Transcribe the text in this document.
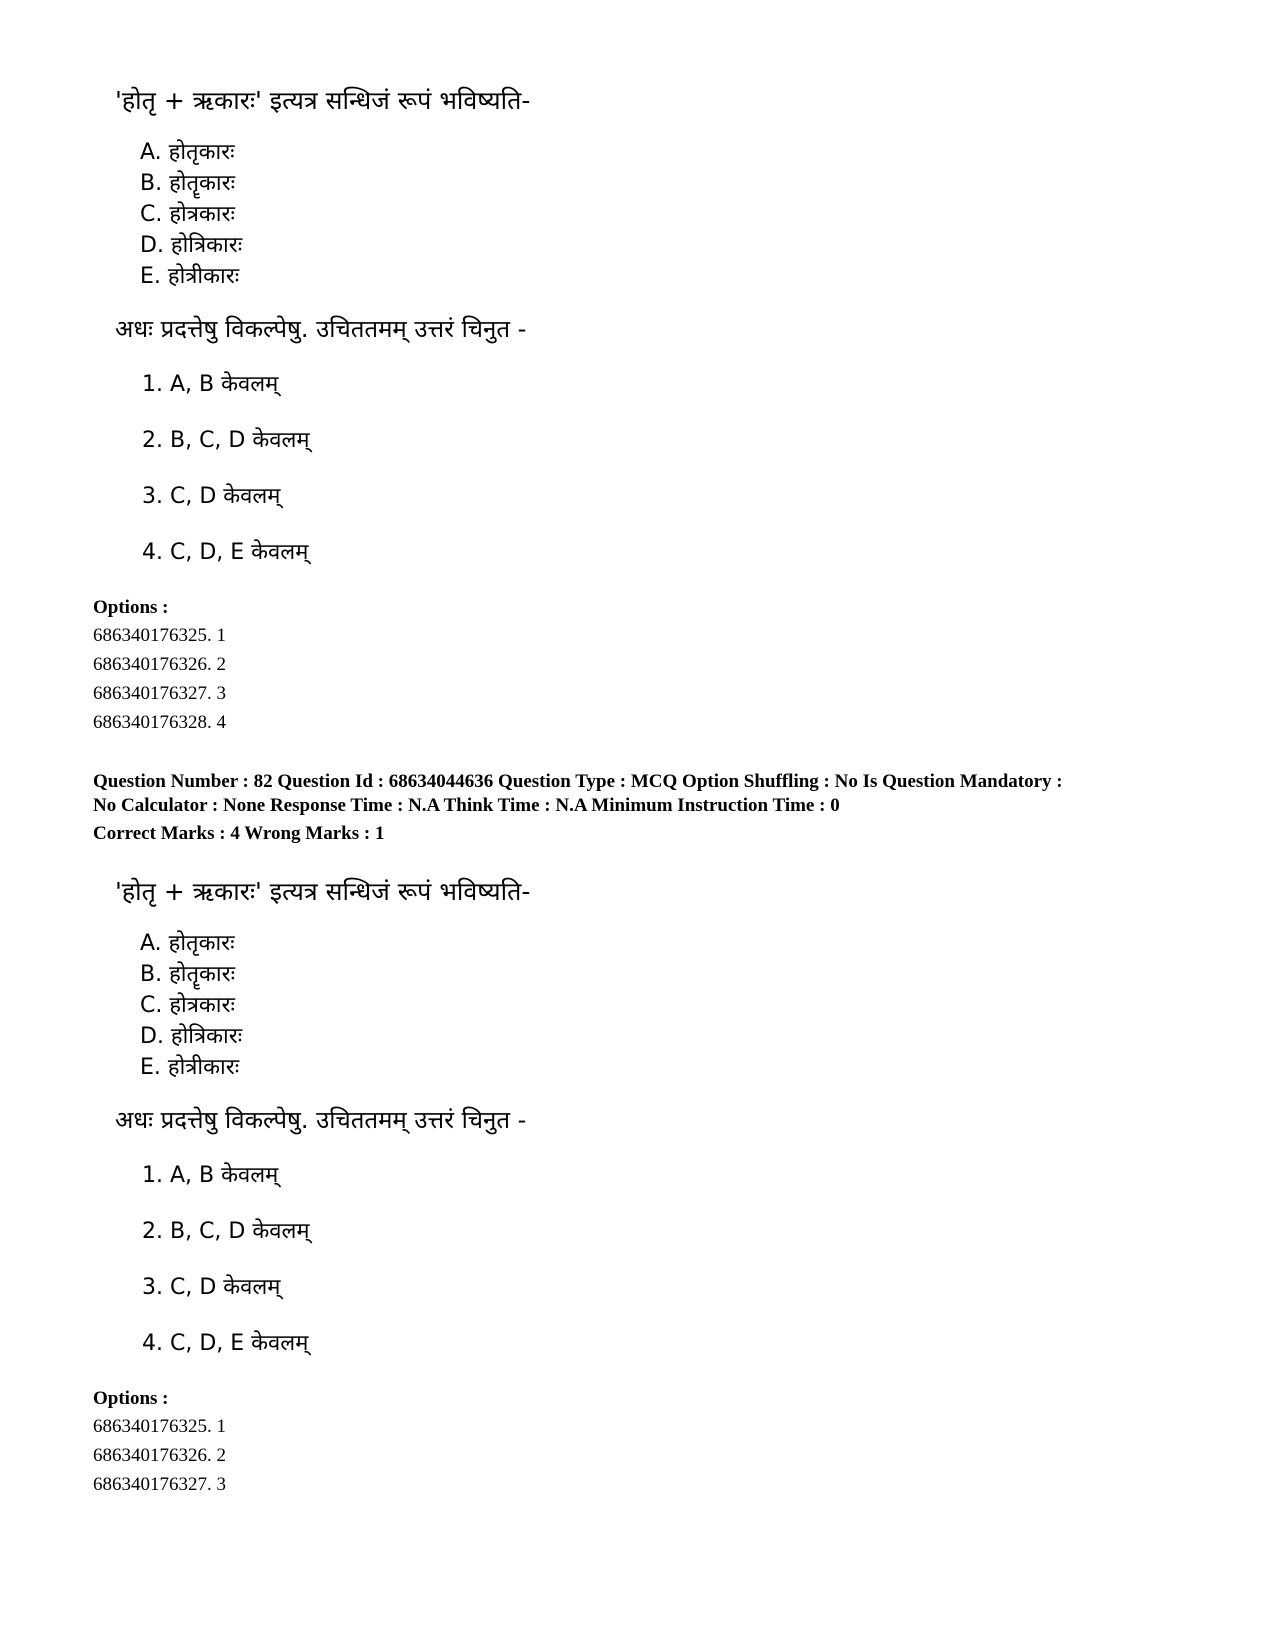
'होतृ + ऋकारः' इत्यत्र सन्धिजं रूपं भविष्यति-
A. होतृकारः
B. होतॄकारः
C. होत्रकारः
D. होत्रिकारः
E. होत्रीकारः
अधः प्रदत्तेषु विकल्पेषु. उचिततमम् उत्तरं चिनुत -
1. A, B केवलम्
2. B, C, D केवलम्
3. C, D केवलम्
4. C, D, E केवलम्
Options :
686340176325. 1
686340176326. 2
686340176327. 3
686340176328. 4
Question Number : 82 Question Id : 68634044636 Question Type : MCQ Option Shuffling : No Is Question Mandatory :
No Calculator : None Response Time : N.A Think Time : N.A Minimum Instruction Time : 0
Correct Marks : 4 Wrong Marks : 1
'होतृ + ऋकारः' इत्यत्र सन्धिजं रूपं भविष्यति-
A. होतृकारः
B. होतॄकारः
C. होत्रकारः
D. होत्रिकारः
E. होत्रीकारः
अधः प्रदत्तेषु विकल्पेषु. उचिततमम् उत्तरं चिनुत -
1. A, B केवलम्
2. B, C, D केवलम्
3. C, D केवलम्
4. C, D, E केवलम्
Options :
686340176325. 1
686340176326. 2
686340176327. 3
